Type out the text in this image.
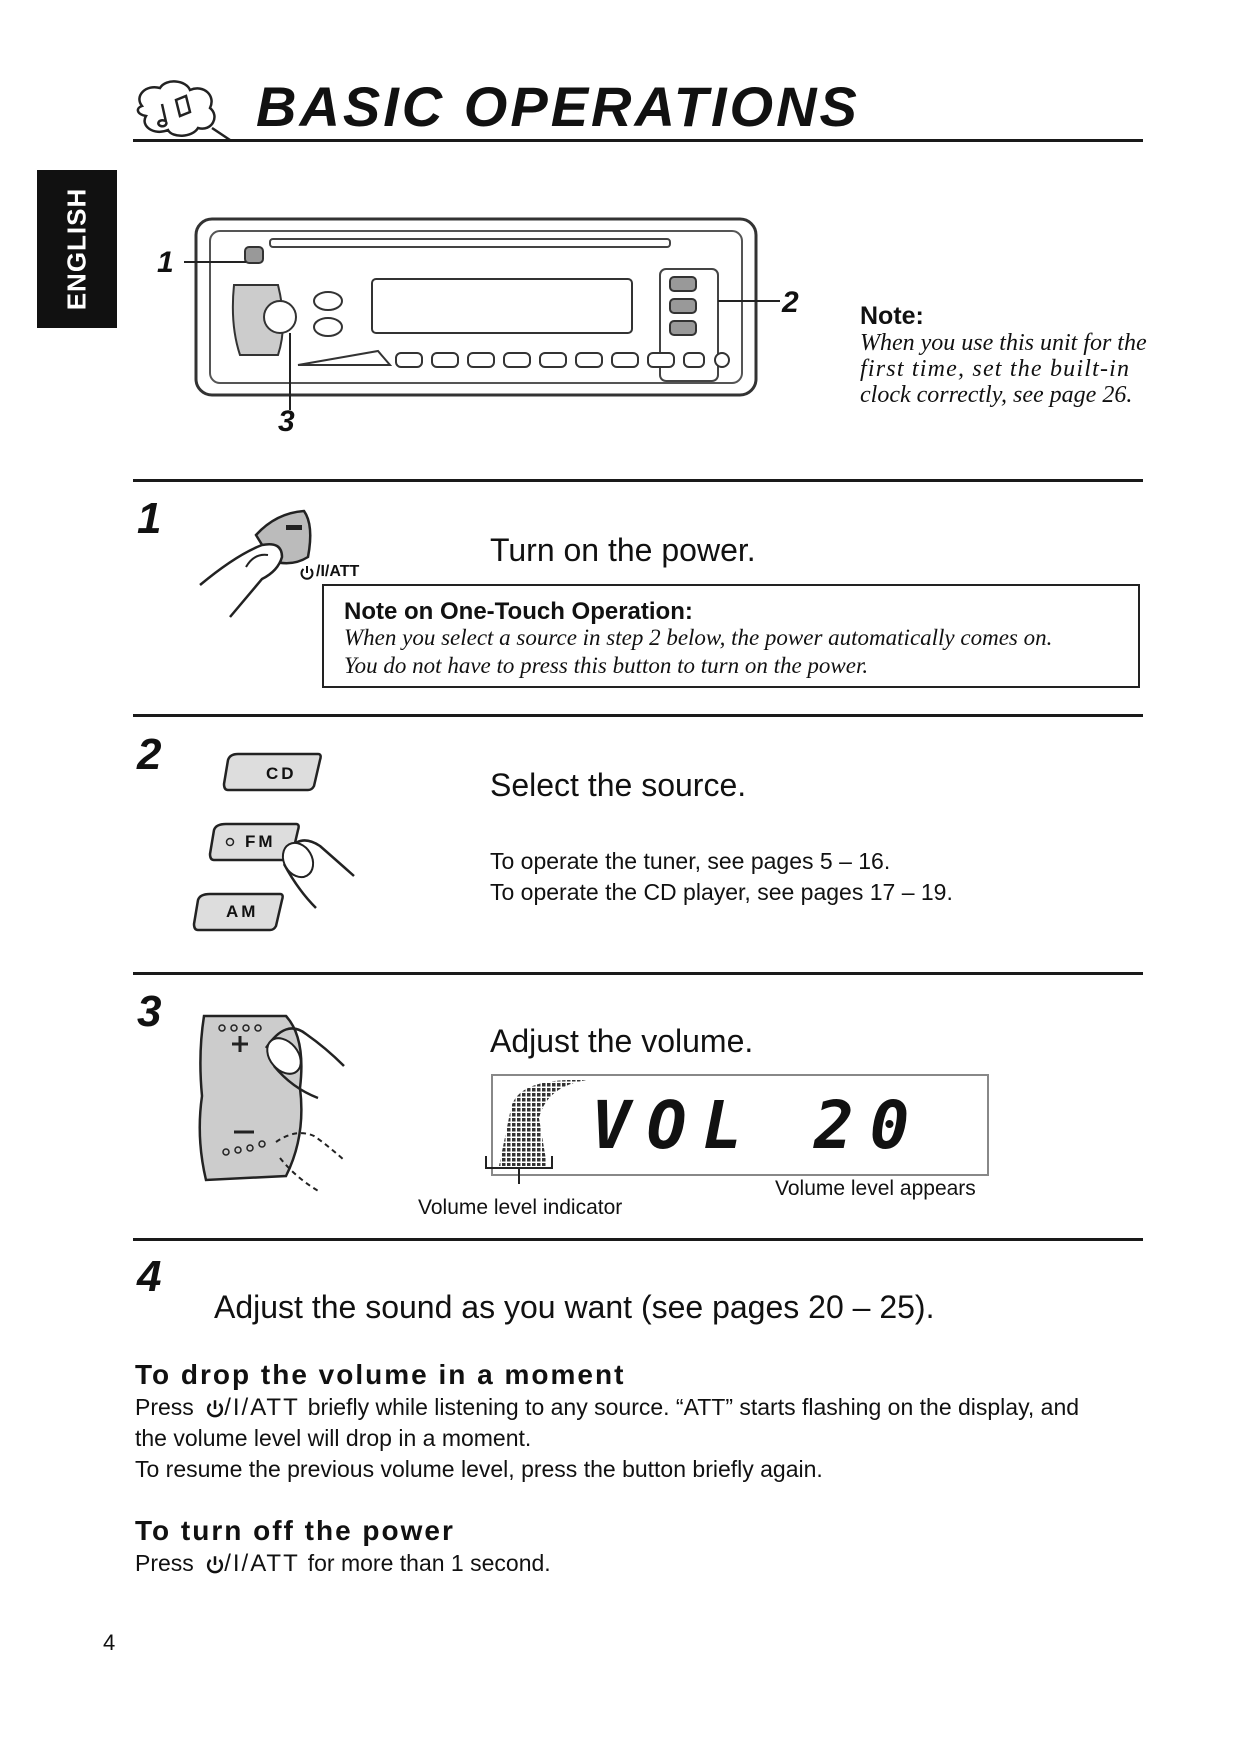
BASIC OPERATIONS
ENGLISH 1
2
3
Note:
When you use this unit for the
first time, set the built-in
clock correctly, see page 26.
1
/I/ATT
Turn on the power.
Note on One-Touch Operation:
When you select a source in step 2 below, the power automatically comes on.
You do not have to press this button to turn on the power.
2	CD
FM
AM
Select the source.
To operate the tuner, see pages 5 – 16.
To operate the CD player, see pages 17 – 19.
3
Adjust the volume.
VOL 20
Volume level indicator
Volume level appears
4
Adjust the sound as you want (see pages 20 – 25).
To drop the volume in a moment
Press /I/ATT briefly while listening to any source. “ATT” starts flashing on the display, and
the volume level will drop in a moment.
To resume the previous volume level, press the button briefly again.
To turn off the power
Press /I/ATT for more than 1 second.
4
